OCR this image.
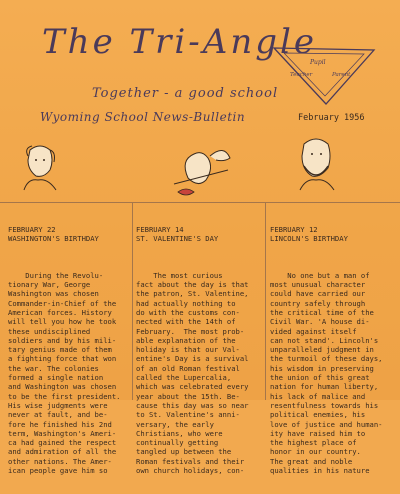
The Tri-Angle
Pupil
Teacher	Parent
Together - a good school
Wyoming School News-Bulletin	February 1956

FEBRUARY 22
WASHINGTON'S BIRTHDAY

During the Revolu-
tionary War, George
Washington was chosen
Commander-in-Chief of the
American forces. History
will tell you how he took
these undisciplined
soldiers and by his mili-
tary genius made of them
a fighting force that won
the war. The colonies
formed a single nation
and Washington was chosen
to be the first president.
His wise judgments were
never at fault, and be-
fore he finished his 2nd
term, Washington's Ameri-
ca had gained the respect
and admiration of all the
other nations. The Amer-
ican people gave him so

FEBRUARY 14
ST. VALENTINE'S DAY

The most curious
fact about the day is that
the patron, St. Valentine,
had actually nothing to
do with the customs con-
nected with the 14th of
February.  The most prob-
able explanation of the
holiday is that our Val-
entine's Day is a survival
of an old Roman festival
called the Lupercalia,
which was celebrated every
year about the 15th. Be-
cause this day was so near
to St. Valentine's anni-
versary, the early
Christians, who were
continually getting
tangled up between the
Roman festivals and their
own church holidays, con-

FEBRUARY 12
LINCOLN'S BIRTHDAY

No one but a man of
most unusual character
could have carried our
country safely through
the critical time of the
Civil War. 'A house di-
vided against itself
can not stand'. Lincoln's
unparalleled judgment in
the turmoil of these days,
his wisdom in preserving
the union of this great
nation for human liberty,
his lack of malice and
resentfulness towards his
political enemies, his
love of justice and human-
ity have raised him to
the highest place of
honor in our country.
The great and noble
qualities in his nature
